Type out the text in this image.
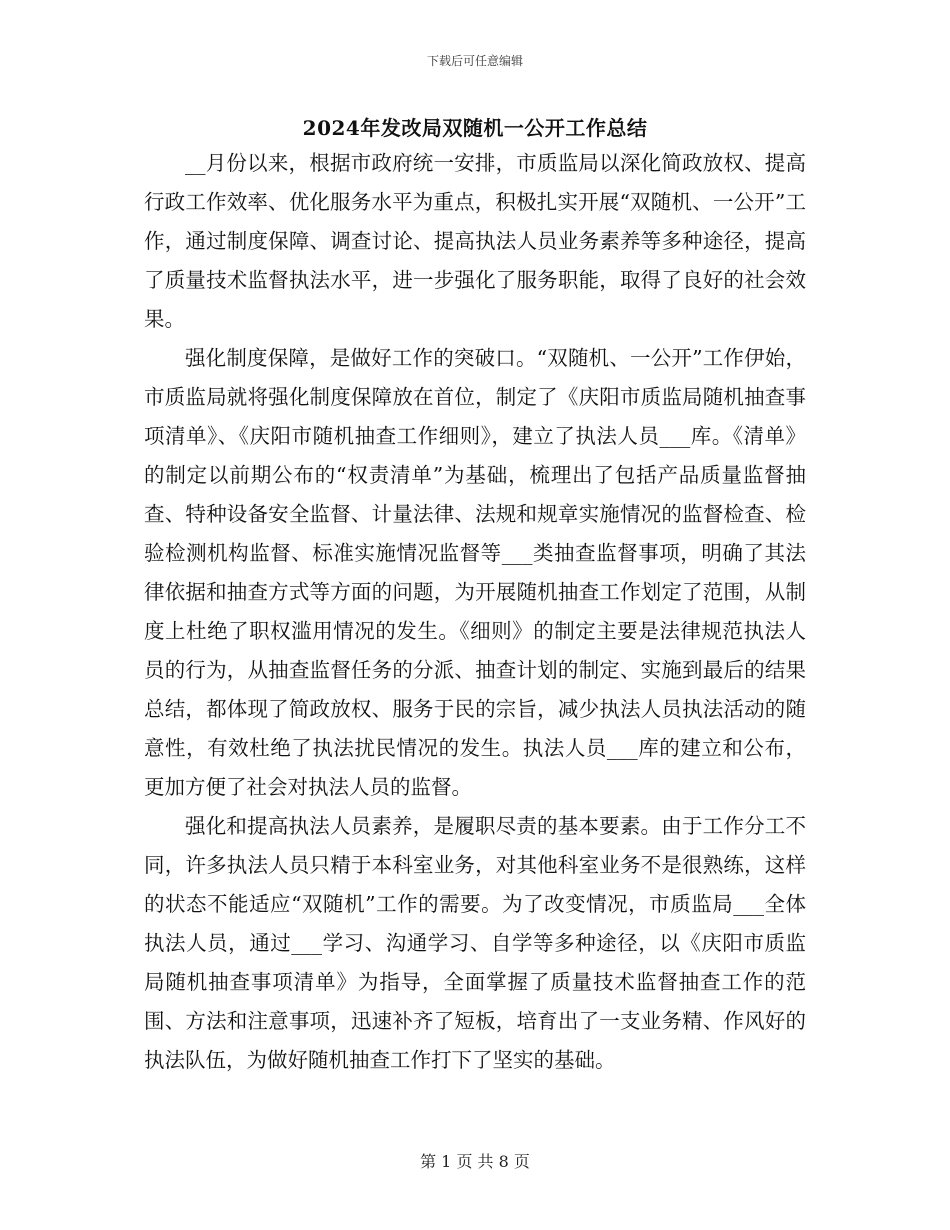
下载后可任意编辑
2024年发改局双随机一公开工作总结

__月份以来，根据市政府统一安排，市质监局以深化简政放权、提高行政工作效率、优化服务水平为重点，积极扎实开展“双随机、一公开”工作，通过制度保障、调查讨论、提高执法人员业务素养等多种途径，提高了质量技术监督执法水平，进一步强化了服务职能，取得了良好的社会效果。

强化制度保障，是做好工作的突破口。“双随机、一公开”工作伊始，市质监局就将强化制度保障放在首位，制定了《庆阳市质监局随机抽查事项清单》、《庆阳市随机抽查工作细则》，建立了执法人员___库。《清单》的制定以前期公布的“权责清单”为基础，梳理出了包括产品质量监督抽查、特种设备安全监督、计量法律、法规和规章实施情况的监督检查、检验检测机构监督、标准实施情况监督等___类抽查监督事项，明确了其法律依据和抽查方式等方面的问题，为开展随机抽查工作划定了范围，从制度上杜绝了职权滥用情况的发生。《细则》的制定主要是法律规范执法人员的行为，从抽查监督任务的分派、抽查计划的制定、实施到最后的结果总结，都体现了简政放权、服务于民的宗旨，减少执法人员执法活动的随意性，有效杜绝了执法扰民情况的发生。执法人员___库的建立和公布，更加方便了社会对执法人员的监督。

强化和提高执法人员素养，是履职尽责的基本要素。由于工作分工不同，许多执法人员只精于本科室业务，对其他科室业务不是很熟练，这样的状态不能适应“双随机”工作的需要。为了改变情况，市质监局___全体执法人员，通过___学习、沟通学习、自学等多种途径，以《庆阳市质监局随机抽查事项清单》为指导，全面掌握了质量技术监督抽查工作的范围、方法和注意事项，迅速补齐了短板，培育出了一支业务精、作风好的执法队伍，为做好随机抽查工作打下了坚实的基础。

第 1 页 共 8 页
